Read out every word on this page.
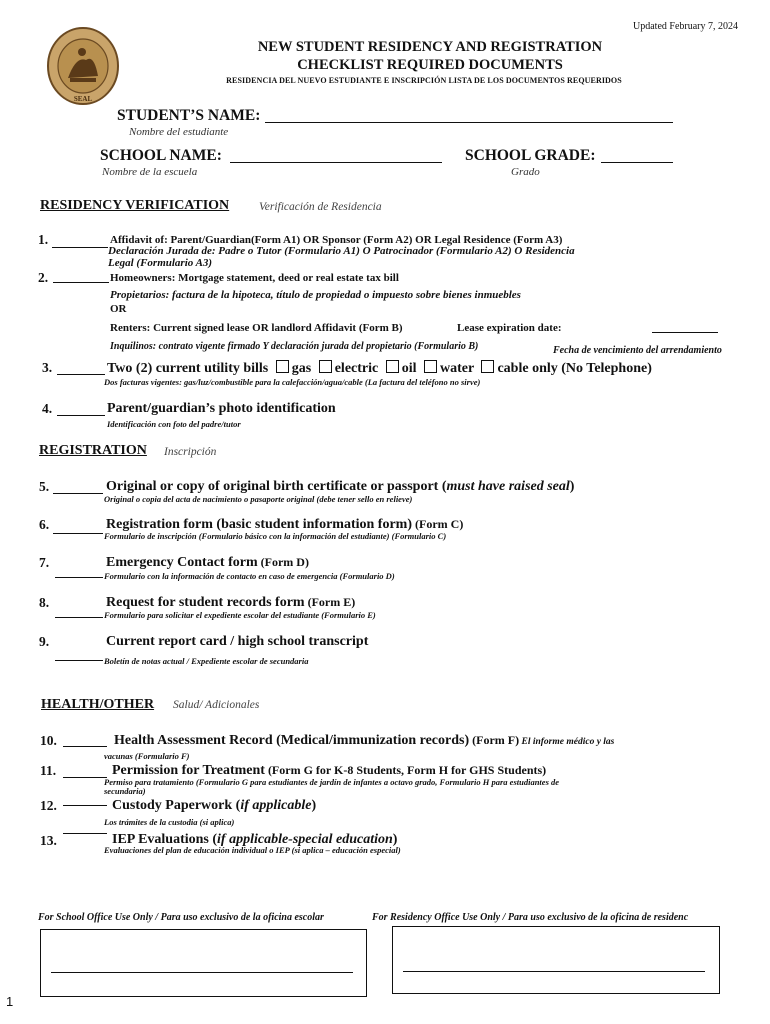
Updated February 7, 2024
SEAL
NEW STUDENT RESIDENCY AND REGISTRATION
CHECKLIST REQUIRED DOCUMENTS
RESIDENCIA DEL NUEVO ESTUDIANTE E INSCRIPCIÓN LISTA DE LOS DOCUMENTOS REQUERIDOS
STUDENT’S NAME:
Nombre del estudiante
SCHOOL NAME:
Nombre de la escuela
SCHOOL GRADE:
Grado
RESIDENCY VERIFICATION	Verificación de Residencia
1.	Affidavit of: Parent/Guardian(Form A1) OR Sponsor (Form A2) OR Legal Residence (Form A3)
Declaración Jurada de: Padre o Tutor (Formulario A1) O Patrocinador (Formulario A2) O Residencia
Legal (Formulario A3)
2.	Homeowners: Mortgage statement, deed or real estate tax bill
Propietarios: factura de la hipoteca, título de propiedad o impuesto sobre bienes inmuebles
OR
Renters: Current signed lease OR landlord Affidavit (Form B)	Lease expiration date:
Inquilinos: contrato vigente firmado Y declaración jurada del propietario (Formulario B)	Fecha de vencimiento del arrendamiento
3.	Two (2) current utility bills gas electric oil water cable only (No Telephone)
Dos facturas vigentes: gas/luz/combustible para la calefacción/agua/cable (La factura del teléfono no sirve)
4.	Parent/guardian’s photo identification
Identificación con foto del padre/tutor
REGISTRATION Inscripción
5.	Original or copy of original birth certificate or passport (must have raised seal)
Original o copia del acta de nacimiento o pasaporte original (debe tener sello en relieve)
6.	Registration form (basic student information form) (Form C)
Formulario de inscripción (Formulario básico con la información del estudiante) (Formulario C)
7.	Emergency Contact form (Form D)
Formulario con la información de contacto en caso de emergencia (Formulario D)
8.	Request for student records form (Form E)
Formulario para solicitar el expediente escolar del estudiante (Formulario E)
9.	Current report card / high school transcript
Boletín de notas actual / Expediente escolar de secundaria
HEALTH/OTHER Salud/ Adicionales
10.	Health Assessment Record (Medical/immunization records) (Form F) El informe médico y las
vacunas (Formulario F)
11.	Permission for Treatment (Form G for K-8 Students, Form H for GHS Students)
Permiso para tratamiento (Formulario G para estudiantes de jardín de infantes a octavo grado, Formulario H para estudiantes de
secundaria)
12.	Custody Paperwork (if applicable)
Los trámites de la custodia (si aplica)
13.	IEP Evaluations (if applicable-special education)
Evaluaciones del plan de educación individual o IEP (si aplica – educación especial)
For School Office Use Only / Para uso exclusivo de la oficina escolar	For Residency Office Use Only / Para uso exclusivo de la oficina de residenc
1
